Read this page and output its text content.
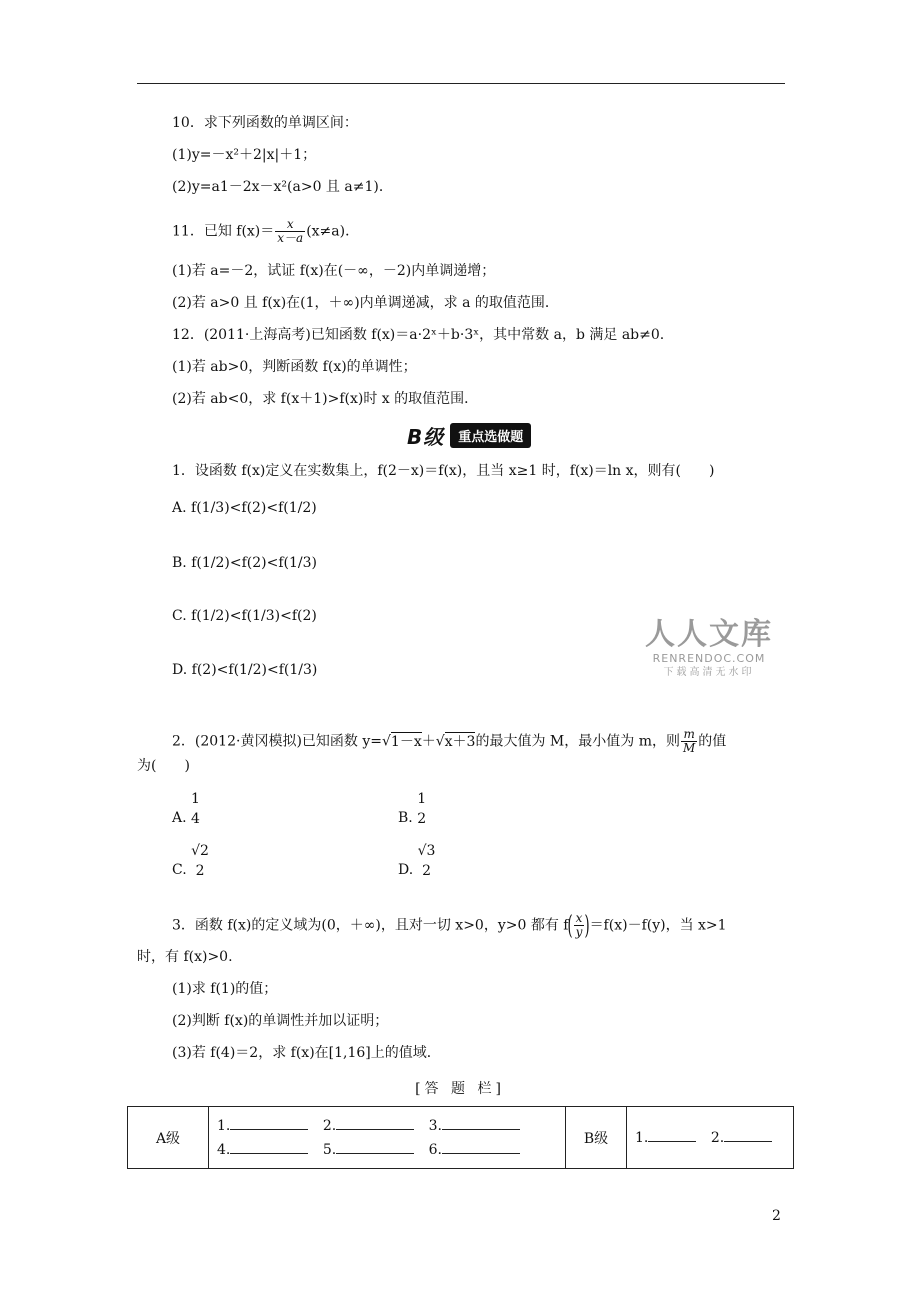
10．求下列函数的单调区间：
(1)y=－x²＋2|x|＋1；
(2)y=a1－2x－x²(a>0 且 a≠1)．
11．已知 $f(x)= \frac{x}{x-a} (x\ne a)$．
(1)若 a=－2，试证 f(x)在(－∞，－2)内单调递增；
(2)若 a>0 且 f(x)在(1，＋∞)内单调递减，求 a 的取值范围．
12．(2011·上海高考)已知函数 f(x)＝a·2ˣ＋b·3ˣ，其中常数 a，b 满足 ab≠0.
(1)若 ab>0，判断函数 f(x)的单调性；
(2)若 ab<0，求 f(x＋1)>f(x)时 x 的取值范围．
B级	重点选做题
1．设函数 f(x)定义在实数集上，f(2－x)＝f(x)，且当 x≥1 时，f(x)＝ln x，则有(　　)
A. f(1/3)<f(2)<f(1/2)
B. f(1/2)<f(2)<f(1/3)
C. f(1/2)<f(1/3)<f(2)
D. f(2)<f(1/2)<f(1/3)
人人文库
RENRENDOC.COM
下载高清无水印
2．(2012·黄冈模拟)已知函数 y=√1－x＋√x＋3的最大值为 M，最小值为 m，则 $\frac{m}{M}$ 的值
为(　　)
A.
1
4	B.
1
2
C.
√2
2	D.
√3
2
3．函数 f(x)的定义域为(0，＋∞)，且对一切 x>0，y>0 都有 $f( \frac{x}{y} )=f(x)-f(y)$，当 x>1
时，有 f(x)>0.
(1)求 f(1)的值；
(2)判断 f(x)的单调性并加以证明；
(3)若 f(4)＝2，求 f(x)在[1,16]上的值域．
[答 题 栏]
A级	
1.	2.	3.
4.	5.	6.
	B级	1.	2.
2
